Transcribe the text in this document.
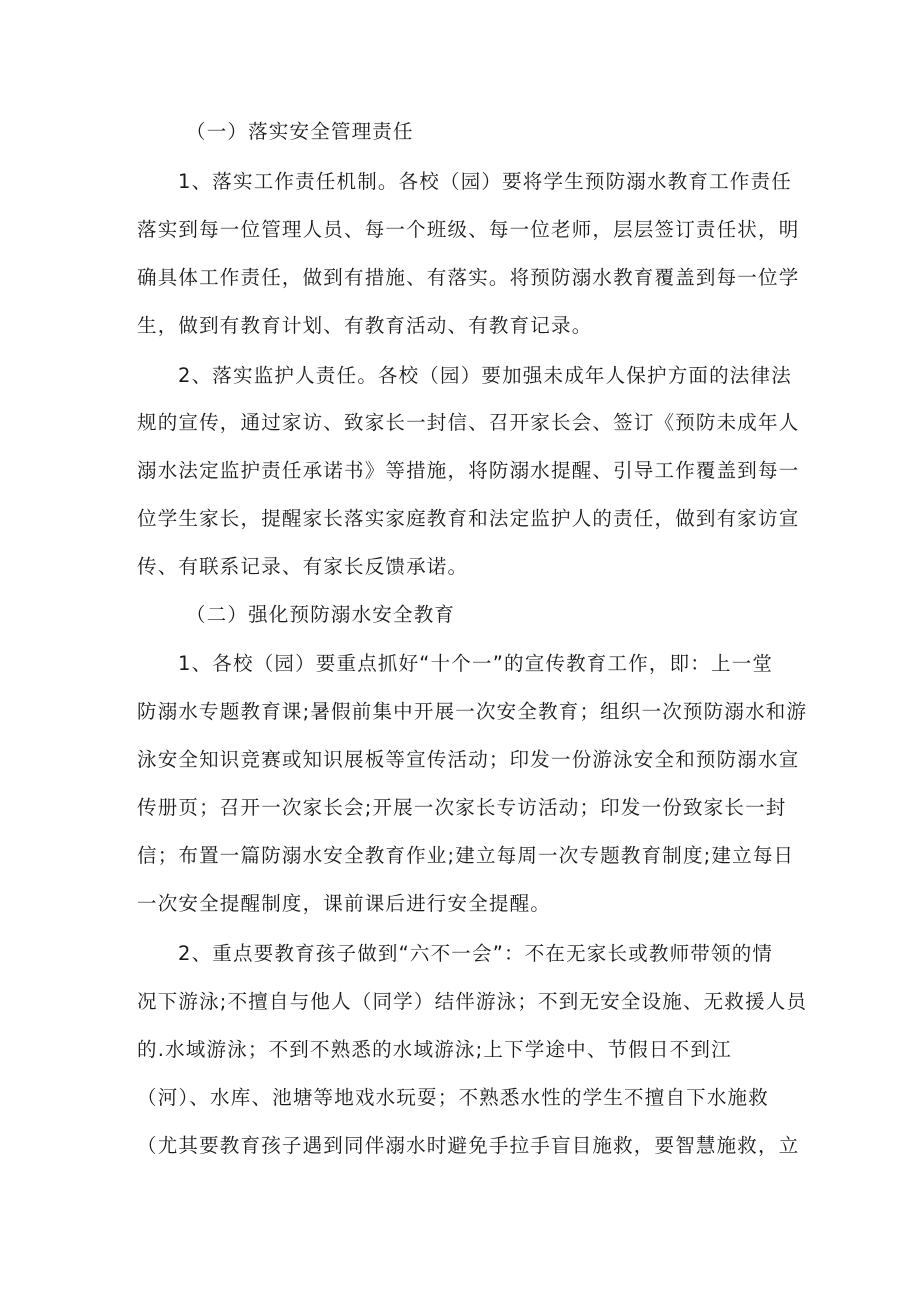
（一）落实安全管理责任
1、落实工作责任机制。各校（园）要将学生预防溺水教育工作责任
落实到每一位管理人员、每一个班级、每一位老师，层层签订责任状，明
确具体工作责任，做到有措施、有落实。将预防溺水教育覆盖到每一位学
生，做到有教育计划、有教育活动、有教育记录。
2、落实监护人责任。各校（园）要加强未成年人保护方面的法律法
规的宣传，通过家访、致家长一封信、召开家长会、签订《预防未成年人
溺水法定监护责任承诺书》等措施，将防溺水提醒、引导工作覆盖到每一
位学生家长，提醒家长落实家庭教育和法定监护人的责任，做到有家访宣
传、有联系记录、有家长反馈承诺。
（二）强化预防溺水安全教育
1、各校（园）要重点抓好“十个一”的宣传教育工作，即：上一堂
防溺水专题教育课;暑假前集中开展一次安全教育；组织一次预防溺水和游
泳安全知识竞赛或知识展板等宣传活动；印发一份游泳安全和预防溺水宣
传册页；召开一次家长会;开展一次家长专访活动；印发一份致家长一封
信；布置一篇防溺水安全教育作业;建立每周一次专题教育制度;建立每日
一次安全提醒制度，课前课后进行安全提醒。
2、重点要教育孩子做到“六不一会”：不在无家长或教师带领的情
况下游泳;不擅自与他人（同学）结伴游泳；不到无安全设施、无救援人员
的.水域游泳；不到不熟悉的水域游泳;上下学途中、节假日不到江
（河）、水库、池塘等地戏水玩耍；不熟悉水性的学生不擅自下水施救
（尤其要教育孩子遇到同伴溺水时避免手拉手盲目施救，要智慧施救，立
